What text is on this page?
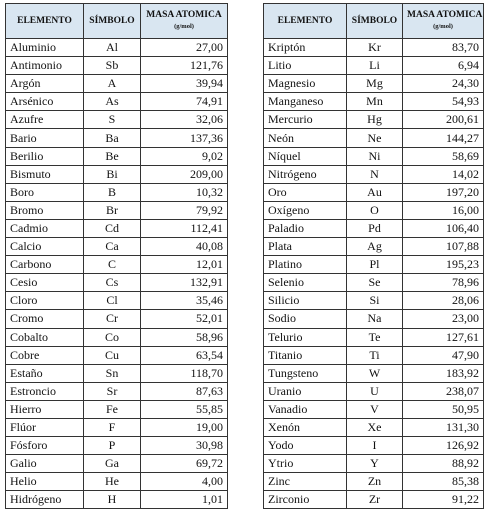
ELEMENTO	SÍMBOLO	MASA ATOMICA
(g/mol)

Aluminio	Al	27,00
Antimonio	Sb	121,76
Argón	A	39,94
Arsénico	As	74,91
Azufre	S	32,06
Bario	Ba	137,36
Berilio	Be	9,02
Bismuto	Bi	209,00
Boro	B	10,32
Bromo	Br	79,92
Cadmio	Cd	112,41
Calcio	Ca	40,08
Carbono	C	12,01
Cesio	Cs	132,91
Cloro	Cl	35,46
Cromo	Cr	52,01
Cobalto	Co	58,96
Cobre	Cu	63,54
Estaño	Sn	118,70
Estroncio	Sr	87,63
Hierro	Fe	55,85
Flúor	F	19,00
Fósforo	P	30,98
Galio	Ga	69,72
Helio	He	4,00
Hidrógeno	H	1,01
ELEMENTO	SÍMBOLO	MASA ATOMICA
(g/mol)

Kriptón	Kr	83,70
Litio	Li	6,94
Magnesio	Mg	24,30
Manganeso	Mn	54,93
Mercurio	Hg	200,61
Neón	Ne	144,27
Níquel	Ni	58,69
Nitrógeno	N	14,02
Oro	Au	197,20
Oxígeno	O	16,00
Paladio	Pd	106,40
Plata	Ag	107,88
Platino	Pl	195,23
Selenio	Se	78,96
Silicio	Si	28,06
Sodio	Na	23,00
Telurio	Te	127,61
Titanio	Ti	47,90
Tungsteno	W	183,92
Uranio	U	238,07
Vanadio	V	50,95
Xenón	Xe	131,30
Yodo	I	126,92
Ytrio	Y	88,92
Zinc	Zn	85,38
Zirconio	Zr	91,22
